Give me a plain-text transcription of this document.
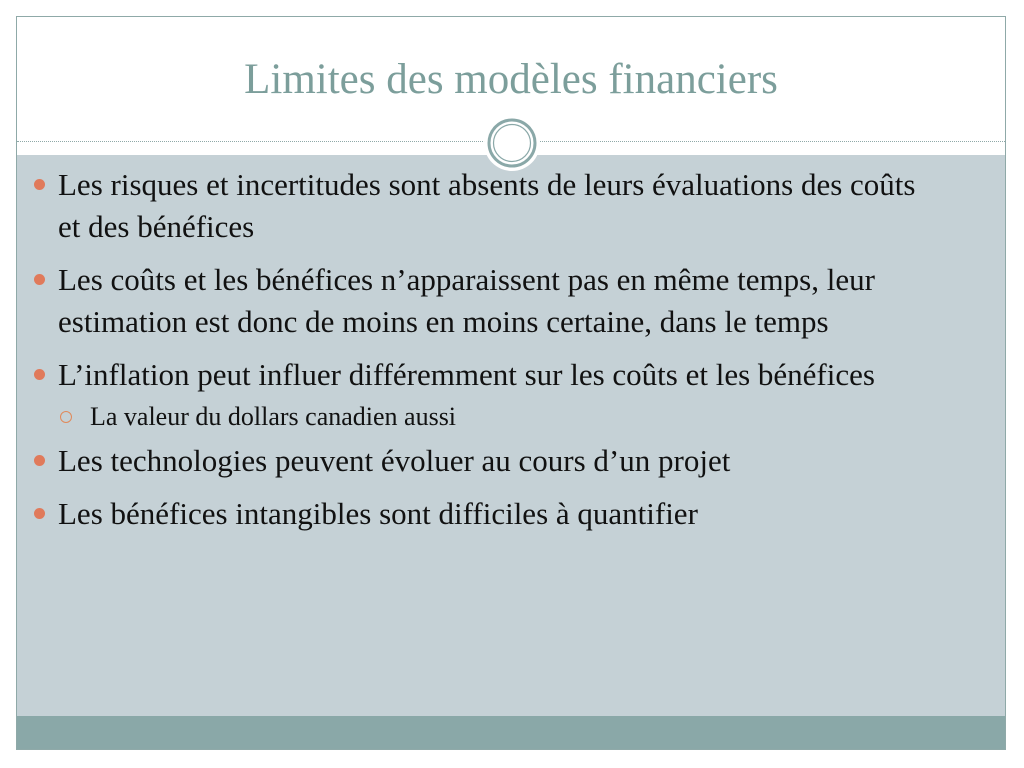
Limites des modèles financiers
Les risques et incertitudes sont absents de leurs évaluations des coûts et des bénéfices
Les coûts et les bénéfices n’apparaissent pas en même temps, leur estimation est donc de moins en moins certaine, dans le temps
L’inflation peut influer différemment sur les coûts et les bénéfices
La valeur du dollars canadien aussi
Les technologies peuvent évoluer au cours d’un projet
Les bénéfices intangibles sont difficiles à quantifier
